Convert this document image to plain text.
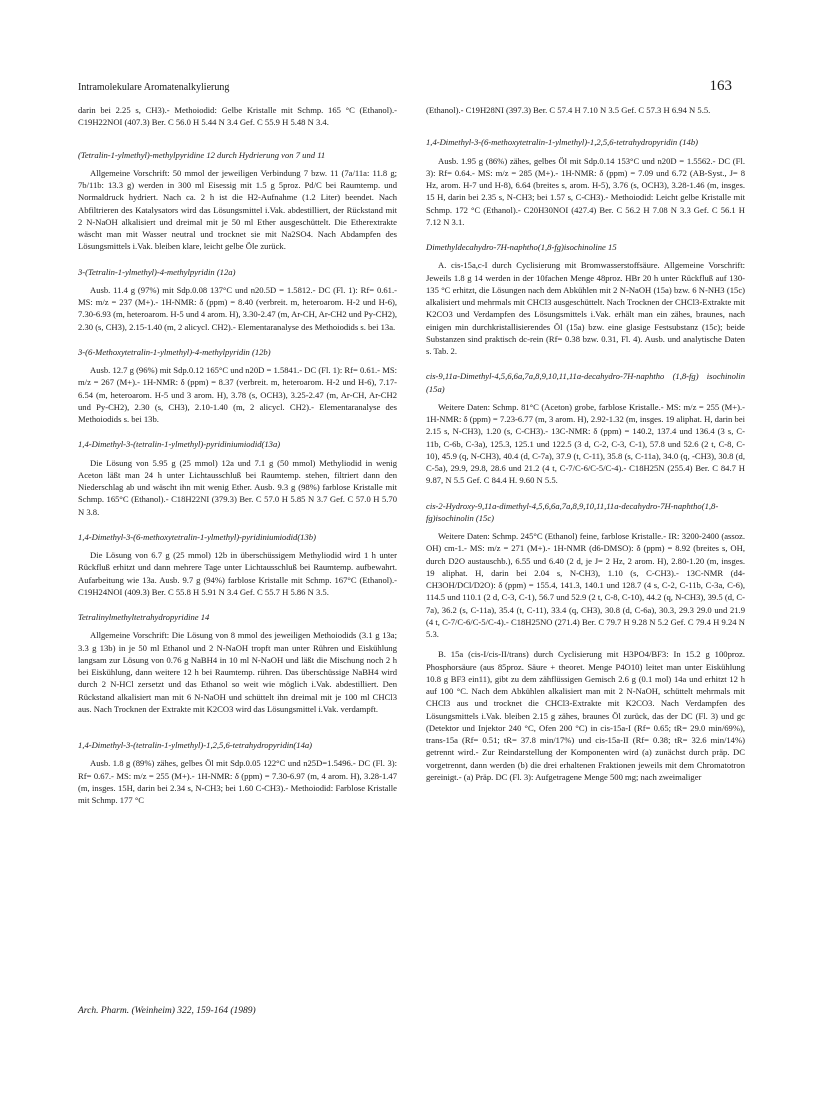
Intramolekulare Aromatenalkylierung	163

darin bei 2.25 s, CH3).- Methoiodid: Gelbe Kristalle mit Schmp. 165 °C (Ethanol).- C19H22NOI (407.3) Ber. C 56.0 H 5.44 N 3.4 Gef. C 55.9 H 5.48 N 3.4.

(Tetralin-1-ylmethyl)-methylpyridine 12 durch Hydrierung von 7 und 11

Allgemeine Vorschrift: 50 mmol der jeweiligen Verbindung 7 bzw. 11 (7a/11a: 11.8 g; 7b/11b: 13.3 g) werden in 300 ml Eisessig mit 1.5 g 5proz. Pd/C bei Raumtemp. und Normaldruck hydriert. Nach ca. 2 h ist die H2-Aufnahme (1.2 Liter) beendet. Nach Abfiltrieren des Katalysators wird das Lösungsmittel i.Vak. abdestilliert, der Rückstand mit 2 N-NaOH alkalisiert und dreimal mit je 50 ml Ether ausgeschüttelt. Die Etherextrakte wäscht man mit Wasser neutral und trocknet sie mit Na2SO4. Nach Abdampfen des Lösungsmittels i.Vak. bleiben klare, leicht gelbe Öle zurück.

3-(Tetralin-1-ylmethyl)-4-methylpyridin (12a)

Ausb. 11.4 g (97%) mit Sdp.0.08 137°C und n20.5D = 1.5812.- DC (Fl. 1): Rf= 0.61.- MS: m/z = 237 (M+).- 1H-NMR: δ (ppm) = 8.40 (verbreit. m, heteroarom. H-2 und H-6), 7.30-6.93 (m, heteroarom. H-5 und 4 arom. H), 3.30-2.47 (m, Ar-CH, Ar-CH2 und Py-CH2), 2.30 (s, CH3), 2.15-1.40 (m, 2 alicycl. CH2).- Elementaranalyse des Methoiodids s. bei 13a.

3-(6-Methoxytetralin-1-ylmethyl)-4-methylpyridin (12b)

Ausb. 12.7 g (96%) mit Sdp.0.12 165°C und n20D = 1.5841.- DC (Fl. 1): Rf= 0.61.- MS: m/z = 267 (M+).- 1H-NMR: δ (ppm) = 8.37 (verbreit. m, heteroarom. H-2 und H-6), 7.17-6.54 (m, heteroarom. H-5 und 3 arom. H), 3.78 (s, OCH3), 3.25-2.47 (m, Ar-CH, Ar-CH2 und Py-CH2), 2.30 (s, CH3), 2.10-1.40 (m, 2 alicycl. CH2).- Elementaranalyse des Methoiodids s. bei 13b.

1,4-Dimethyl-3-(tetralin-1-ylmethyl)-pyridiniumiodid(13a)

Die Lösung von 5.95 g (25 mmol) 12a und 7.1 g (50 mmol) Methyliodid in wenig Aceton läßt man 24 h unter Lichtausschluß bei Raumtemp. stehen, filtriert dann den Niederschlag ab und wäscht ihn mit wenig Ether. Ausb. 9.3 g (98%) farblose Kristalle mit Schmp. 165°C (Ethanol).- C18H22NI (379.3) Ber. C 57.0 H 5.85 N 3.7 Gef. C 57.0 H 5.70 N 3.8.

1,4-Dimethyl-3-(6-methoxytetralin-1-ylmethyl)-pyridiniumiodid(13b)

Die Lösung von 6.7 g (25 mmol) 12b in überschüssigem Methyliodid wird 1 h unter Rückfluß erhitzt und dann mehrere Tage unter Lichtausschluß bei Raumtemp. aufbewahrt. Aufarbeitung wie 13a. Ausb. 9.7 g (94%) farblose Kristalle mit Schmp. 167°C (Ethanol).- C19H24NOI (409.3) Ber. C 55.8 H 5.91 N 3.4 Gef. C 55.7 H 5.86 N 3.5.

Tetralinylmethyltetrahydropyridine 14

Allgemeine Vorschrift: Die Lösung von 8 mmol des jeweiligen Methoiodids (3.1 g 13a; 3.3 g 13b) in je 50 ml Ethanol und 2 N-NaOH tropft man unter Rühren und Eiskühlung langsam zur Lösung von 0.76 g NaBH4 in 10 ml N-NaOH und läßt die Mischung noch 2 h bei Eiskühlung, dann weitere 12 h bei Raumtemp. rühren. Das überschüssige NaBH4 wird durch 2 N-HCl zersetzt und das Ethanol so weit wie möglich i.Vak. abdestilliert. Den Rückstand alkalisiert man mit 6 N-NaOH und schüttelt ihn dreimal mit je 100 ml CHCl3 aus. Nach Trocknen der Extrakte mit K2CO3 wird das Lösungsmittel i.Vak. verdampft.

1,4-Dimethyl-3-(tetralin-1-ylmethyl)-1,2,5,6-tetrahydropyridin(14a)

Ausb. 1.8 g (89%) zähes, gelbes Öl mit Sdp.0.05 122°C und n25D=1.5496.- DC (Fl. 3): Rf= 0.67.- MS: m/z = 255 (M+).- 1H-NMR: δ (ppm) = 7.30-6.97 (m, 4 arom. H), 3.28-1.47 (m, insges. 15H, darin bei 2.34 s, N-CH3; bei 1.60 C-CH3).- Methoiodid: Farblose Kristalle mit Schmp. 177 °C

(Ethanol).- C19H28NI (397.3) Ber. C 57.4 H 7.10 N 3.5 Gef. C 57.3 H 6.94 N 5.5.

1,4-Dimethyl-3-(6-methoxytetralin-1-ylmethyl)-1,2,5,6-tetrahydropyridin (14b)

Ausb. 1.95 g (86%) zähes, gelbes Öl mit Sdp.0.14 153°C und n20D = 1.5562.- DC (Fl. 3): Rf= 0.64.- MS: m/z = 285 (M+).- 1H-NMR: δ (ppm) = 7.09 und 6.72 (AB-Syst., J= 8 Hz, arom. H-7 und H-8), 6.64 (breites s, arom. H-5), 3.76 (s, OCH3), 3.28-1.46 (m, insges. 15 H, darin bei 2.35 s, N-CH3; bei 1.57 s, C-CH3).- Methoiodid: Leicht gelbe Kristalle mit Schmp. 172 °C (Ethanol).- C20H30NOI (427.4) Ber. C 56.2 H 7.08 N 3.3 Gef. C 56.1 H 7.12 N 3.1.

Dimethyldecahydro-7H-naphtho(1,8-fg)isochinoline 15

A. cis-15a,c-I durch Cyclisierung mit Bromwasserstoffsäure. Allgemeine Vorschrift: Jeweils 1.8 g 14 werden in der 10fachen Menge 48proz. HBr 20 h unter Rückfluß auf 130-135 °C erhitzt, die Lösungen nach dem Abkühlen mit 2 N-NaOH (15a) bzw. 6 N-NH3 (15c) alkalisiert und mehrmals mit CHCl3 ausgeschüttelt. Nach Trocknen der CHCl3-Extrakte mit K2CO3 und Verdampfen des Lösungsmittels i.Vak. erhält man ein zähes, braunes, nach einigen min durchkristallisierendes Öl (15a) bzw. eine glasige Festsubstanz (15c); beide Substanzen sind praktisch dc-rein (Rf= 0.38 bzw. 0.31, Fl. 4). Ausb. und analytische Daten s. Tab. 2.

cis-9,11a-Dimethyl-4,5,6,6a,7a,8,9,10,11,11a-decahydro-7H-naphtho (1,8-fg) isochinolin (15a)

Weitere Daten: Schmp. 81°C (Aceton) grobe, farblose Kristalle.- MS: m/z = 255 (M+).- 1H-NMR: δ (ppm) = 7.23-6.77 (m, 3 arom. H), 2.92-1.32 (m, insges. 19 aliphat. H, darin bei 2.15 s, N-CH3), 1.20 (s, C-CH3).- 13C-NMR: δ (ppm) = 140.2, 137.4 und 136.4 (3 s, C-11b, C-6b, C-3a), 125.3, 125.1 und 122.5 (3 d, C-2, C-3, C-1), 57.8 und 52.6 (2 t, C-8, C-10), 45.9 (q, N-CH3), 40.4 (d, C-7a), 37.9 (t, C-11), 35.8 (s, C-11a), 34.0 (q, -CH3), 30.8 (d, C-5a), 29.9, 29.8, 28.6 und 21.2 (4 t, C-7/C-6/C-5/C-4).- C18H25N (255.4) Ber. C 84.7 H 9.87, N 5.5 Gef. C 84.4 H. 9.60 N 5.5.

cis-2-Hydroxy-9,11a-dimethyl-4,5,6,6a,7a,8,9,10,11,11a-decahydro-7H-naphtho(1,8-fg)isochinolin (15c)

Weitere Daten: Schmp. 245°C (Ethanol) feine, farblose Kristalle.- IR: 3200-2400 (assoz. OH) cm-1.- MS: m/z = 271 (M+).- 1H-NMR (d6-DMSO): δ (ppm) = 8.92 (breites s, OH, durch D2O austauschb.), 6.55 und 6.40 (2 d, je J= 2 Hz, 2 arom. H), 2.80-1.20 (m, insges. 19 aliphat. H, darin bei 2.04 s, N-CH3), 1.10 (s, C-CH3).- 13C-NMR (d4-CH3OH/DCl/D2O): δ (ppm) = 155.4, 141.3, 140.1 und 128.7 (4 s, C-2, C-11b, C-3a, C-6), 114.5 und 110.1 (2 d, C-3, C-1), 56.7 und 52.9 (2 t, C-8, C-10), 44.2 (q, N-CH3), 39.5 (d, C-7a), 36.2 (s, C-11a), 35.4 (t, C-11), 33.4 (q, CH3), 30.8 (d, C-6a), 30.3, 29.3 29.0 und 21.9 (4 t, C-7/C-6/C-5/C-4).- C18H25NO (271.4) Ber. C 79.7 H 9.28 N 5.2 Gef. C 79.4 H 9.24 N 5.3.

B. 15a (cis-I/cis-II/trans) durch Cyclisierung mit H3PO4/BF3: In 15.2 g 100proz. Phosphorsäure (aus 85proz. Säure + theoret. Menge P4O10) leitet man unter Eiskühlung 10.8 g BF3 ein11), gibt zu dem zähflüssigen Gemisch 2.6 g (0.1 mol) 14a und erhitzt 12 h auf 100 °C. Nach dem Abkühlen alkalisiert man mit 2 N-NaOH, schüttelt mehrmals mit CHCl3 aus und trocknet die CHCl3-Extrakte mit K2CO3. Nach Verdampfen des Lösungsmittels i.Vak. bleiben 2.15 g zähes, braunes Öl zurück, das der DC (Fl. 3) und gc (Detektor und Injektor 240 °C, Ofen 200 °C) in cis-15a-I (Rf= 0.65; tR= 29.0 min/69%), trans-15a (Rf= 0.51; tR= 37.8 min/17%) und cis-15a-II (Rf= 0.38; tR= 32.6 min/14%) getrennt wird.- Zur Reindarstellung der Komponenten wird (a) zunächst durch präp. DC vorgetrennt, dann werden (b) die drei erhaltenen Fraktionen jeweils mit dem Chromatotron gereinigt.- (a) Präp. DC (Fl. 3): Aufgetragene Menge 500 mg; nach zweimaliger

Arch. Pharm. (Weinheim) 322, 159-164 (1989)
